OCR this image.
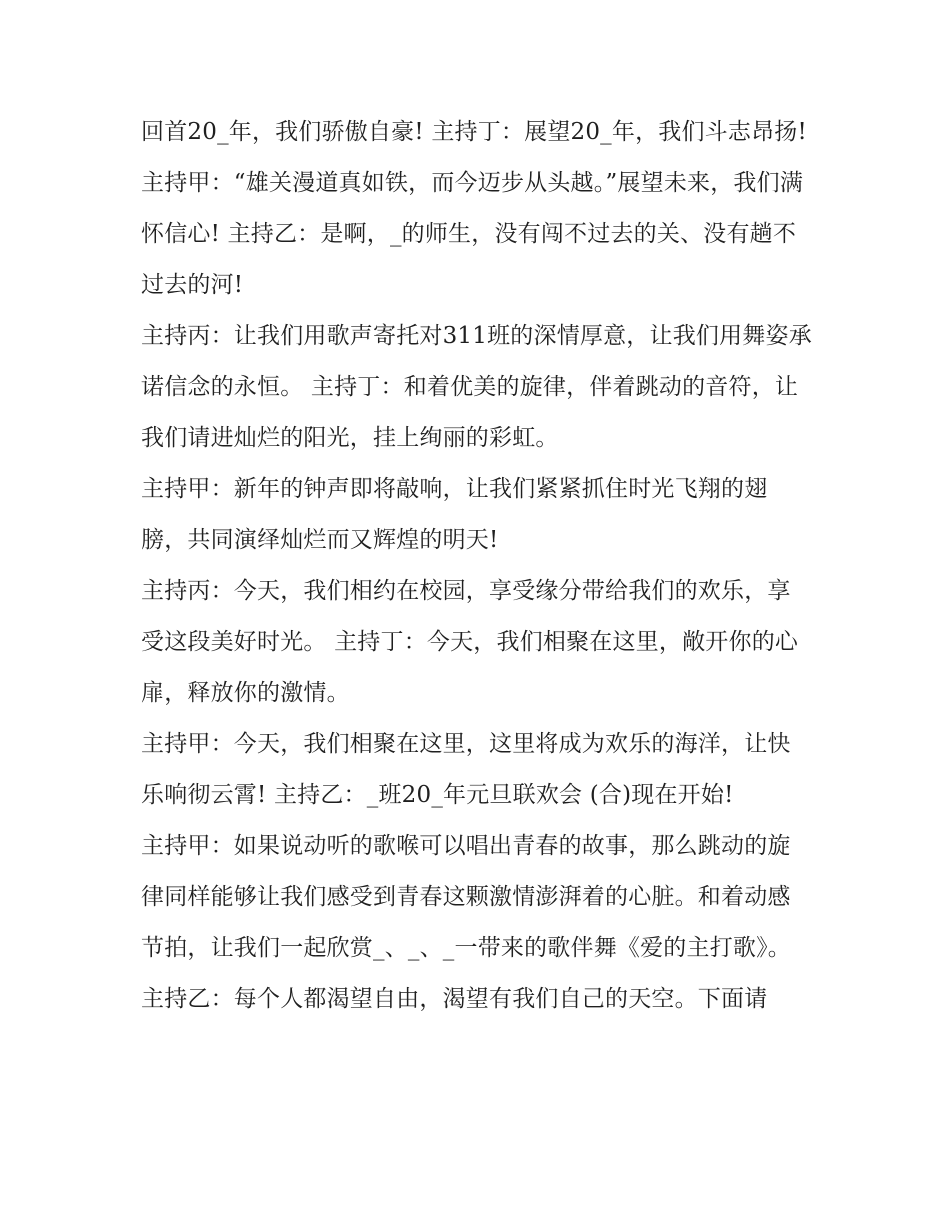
回首20_年，我们骄傲自豪! 主持丁：展望20_年，我们斗志昂扬!

主持甲：“雄关漫道真如铁，而今迈步从头越。”展望未来，我们满怀信心! 主持乙：是啊，_的师生，没有闯不过去的关、没有趟不过去的河!

主持丙：让我们用歌声寄托对311班的深情厚意，让我们用舞姿承诺信念的永恒。 主持丁：和着优美的旋律，伴着跳动的音符，让我们请进灿烂的阳光，挂上绚丽的彩虹。

主持甲：新年的钟声即将敲响，让我们紧紧抓住时光飞翔的翅膀，共同演绎灿烂而又辉煌的明天!

主持丙：今天，我们相约在校园，享受缘分带给我们的欢乐，享受这段美好时光。 主持丁：今天，我们相聚在这里，敞开你的心扉，释放你的激情。

主持甲：今天，我们相聚在这里，这里将成为欢乐的海洋，让快乐响彻云霄! 主持乙：_班20_年元旦联欢会 (合)现在开始!

主持甲：如果说动听的歌喉可以唱出青春的故事，那么跳动的旋律同样能够让我们感受到青春这颗激情澎湃着的心脏。和着动感节拍，让我们一起欣赏_、_、_一带来的歌伴舞《爱的主打歌》。

主持乙：每个人都渴望自由，渴望有我们自己的天空。下面请
